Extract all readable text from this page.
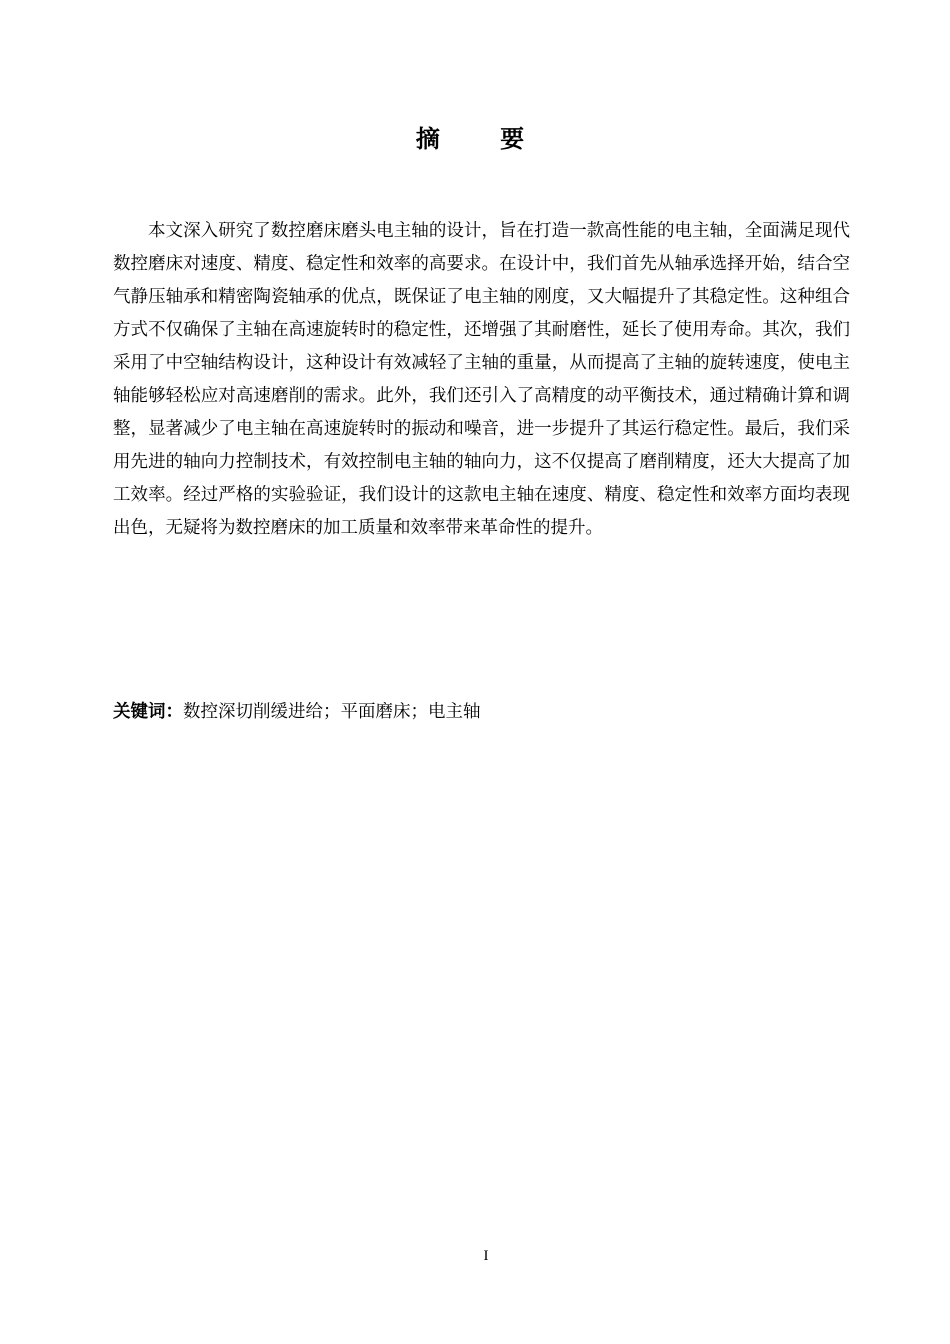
摘 要

本文深入研究了数控磨床磨头电主轴的设计，旨在打造一款高性能的电主轴，全面满足现代数控磨床对速度、精度、稳定性和效率的高要求。在设计中，我们首先从轴承选择开始，结合空气静压轴承和精密陶瓷轴承的优点，既保证了电主轴的刚度，又大幅提升了其稳定性。这种组合方式不仅确保了主轴在高速旋转时的稳定性，还增强了其耐磨性，延长了使用寿命。其次，我们采用了中空轴结构设计，这种设计有效减轻了主轴的重量，从而提高了主轴的旋转速度，使电主轴能够轻松应对高速磨削的需求。此外，我们还引入了高精度的动平衡技术，通过精确计算和调整，显著减少了电主轴在高速旋转时的振动和噪音，进一步提升了其运行稳定性。最后，我们采用先进的轴向力控制技术，有效控制电主轴的轴向力，这不仅提高了磨削精度，还大大提高了加工效率。经过严格的实验验证，我们设计的这款电主轴在速度、精度、稳定性和效率方面均表现出色，无疑将为数控磨床的加工质量和效率带来革命性的提升。

关键词：数控深切削缓进给；平面磨床；电主轴
I
